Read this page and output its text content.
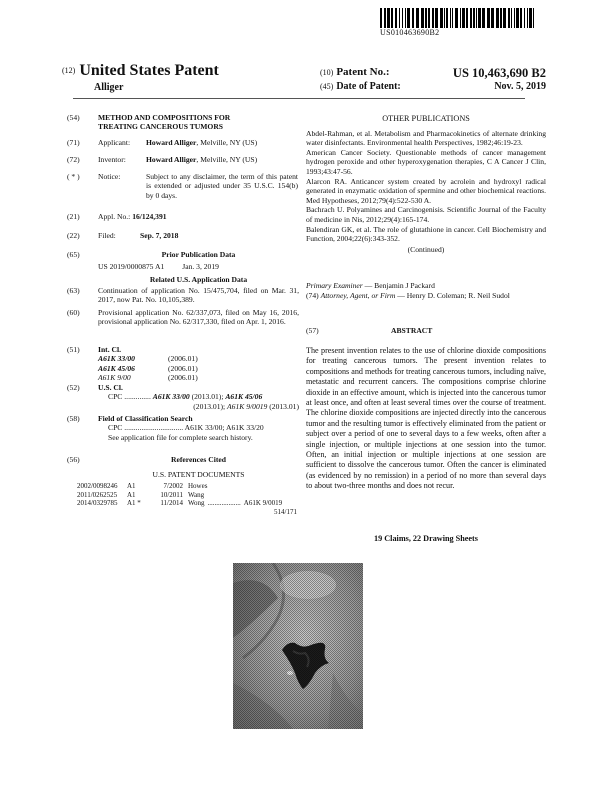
US010463690B2
(12) United States Patent
Alliger
(10) Patent No.:	US 10,463,690 B2
(45) Date of Patent:	Nov. 5, 2019
(54) METHOD AND COMPOSITIONS FOR
TREATING CANCEROUS TUMORS
(71) Applicant:	Howard Alliger, Melville, NY (US)
(72) Inventor:	Howard Alliger, Melville, NY (US)
( * ) Notice:	Subject to any disclaimer, the term of this patent is extended or adjusted under 35 U.S.C. 154(b) by 0 days.
(21) Appl. No.: 16/124,391
(22) Filed:	Sep. 7, 2018
(65)	Prior Publication Data
US 2019/0000875 A1 Jan. 3, 2019
Related U.S. Application Data
(63) Continuation of application No. 15/475,704, filed on Mar. 31, 2017, now Pat. No. 10,105,389.
(60) Provisional application No. 62/337,073, filed on May 16, 2016, provisional application No. 62/317,330, filed on Apr. 1, 2016.
(51) Int. Cl.
A61K 33/00	(2006.01)
A61K 45/06	(2006.01)
A61K 9/00	(2006.01)
(52) U.S. Cl.
CPC .............. A61K 33/00 (2013.01); A61K 45/06
(2013.01); A61K 9/0019 (2013.01)
(58) Field of Classification Search
CPC ............................... A61K 33/00; A61K 33/20
See application file for complete search history.
(56)	References Cited
U.S. PATENT DOCUMENTS
2002/0098246	A1	7/2002 Howes
2011/0262525	A1	10/2011 Wang
2014/0329785	A1 *	11/2014 Wong ................... A61K 9/0019
514/171
OTHER PUBLICATIONS
Abdel-Rahman, et al. Metabolism and Pharmacokinetics of alternate drinking water disinfectants. Environmental health Perspectives, 1982;46:19-23.
American Cancer Society. Questionable methods of cancer management hydrogen peroxide and other hyperoxygenation therapies, C A Cancer J Clin, 1993;43:47-56.
Alarcon RA. Anticancer system created by acrolein and hydroxyl radical generated in enzymatic oxidation of spermine and other biochemical reactions. Med Hypotheses, 2012;79(4):522-530 A.
Bachrach U. Polyamines and Carcinogenisis. Scientific Journal of the Faculty of medicine in Nis, 2012;29(4):165-174.
Balendiran GK, et al. The role of glutathione in cancer. Cell Biochemistry and Function, 2004;22(6):343-352.
(Continued)
Primary Examiner — Benjamin J Packard
(74) Attorney, Agent, or Firm — Henry D. Coleman; R. Neil Sudol
(57)	ABSTRACT
The present invention relates to the use of chlorine dioxide compositions for treating cancerous tumors. The present invention relates to compositions and methods for treating cancerous tumors, including naïve, metastatic and recurrent cancers. The compositions comprise chlorine dioxide in an effective amount, which is injected into the cancerous tumor at least once, and often at least several times over the course of treatment. The chlorine dioxide compositions are injected directly into the cancerous tumor and the resulting tumor is effectively eliminated from the patient or subject over a period of one to several days to a few weeks, often after a single injection, or multiple injections at one session into the tumor. Often, an initial injection or multiple injections at one session are sufficient to dissolve the cancerous tumor. Often the cancer is eliminated (as evidenced by no remission) in a period of no more than several days to about two-three months and does not recur.
19 Claims, 22 Drawing Sheets
